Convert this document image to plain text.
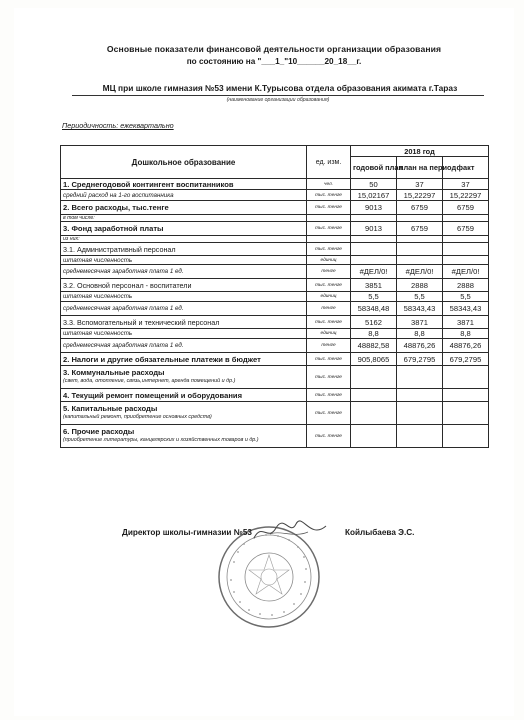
Основные показатели финансовой деятельности организации образования
по состоянию на "___1_"10______20_18__г.
МЦ при школе гимназия №53 имени К.Турысова отдела образования акимата г.Тараз
(наименование организации образования)
Периодичность: ежеквартально
Дошкольное образование	ед. изм.	2018 год		
		годовой план	план на период	факт
1. Среднегодовой контингент воспитанников	чел.	50	37	37
средний расход на 1-го воспитанника	тыс. тенге	15,02167	15,22297	15,22297
2. Всего расходы, тыс.тенге	тыс. тенге	9013	6759	6759
в том числе:				
3. Фонд заработной платы	тыс. тенге	9013	6759	6759
из них:				
3.1. Административный персонал	тыс. тенге			
штатная численность	единиц			
среднемесячная заработная плата 1 ед.	тенге	#ДЕЛ/0!	#ДЕЛ/0!	#ДЕЛ/0!
3.2. Основной персонал - воспитатели	тыс. тенге	3851	2888	2888
штатная численность	единиц	5,5	5,5	5,5
среднемесячная заработная плата 1 ед.	тенге	58348,48	58343,43	58343,43
3.3. Вспомогательный и технический персонал	тыс. тенге	5162	3871	3871
штатная численность	единиц	8,8	8,8	8,8
среднемесячная заработная плата 1 ед.	тенге	48882,58	48876,26	48876,26
2. Налоги и другие обязательные платежи в бюджет	тыс. тенге	905,8065	679,2795	679,2795

3. Коммунальные расходы
(свет, вода, отопление, связь,интернет, аренда помещений и др.)	тыс. тенге			
4. Текущий ремонт помещений и оборудования	тыс. тенге			

5. Капитальные расходы
(капитальный ремонт, приобретение основных средств)	тыс. тенге			

6. Прочие расходы
(приобретение литературы, канцелярских и хозяйственных товаров и др.)	тыс. тенге			
Директор школы-гимназии №53	Койлыбаева Э.С.
